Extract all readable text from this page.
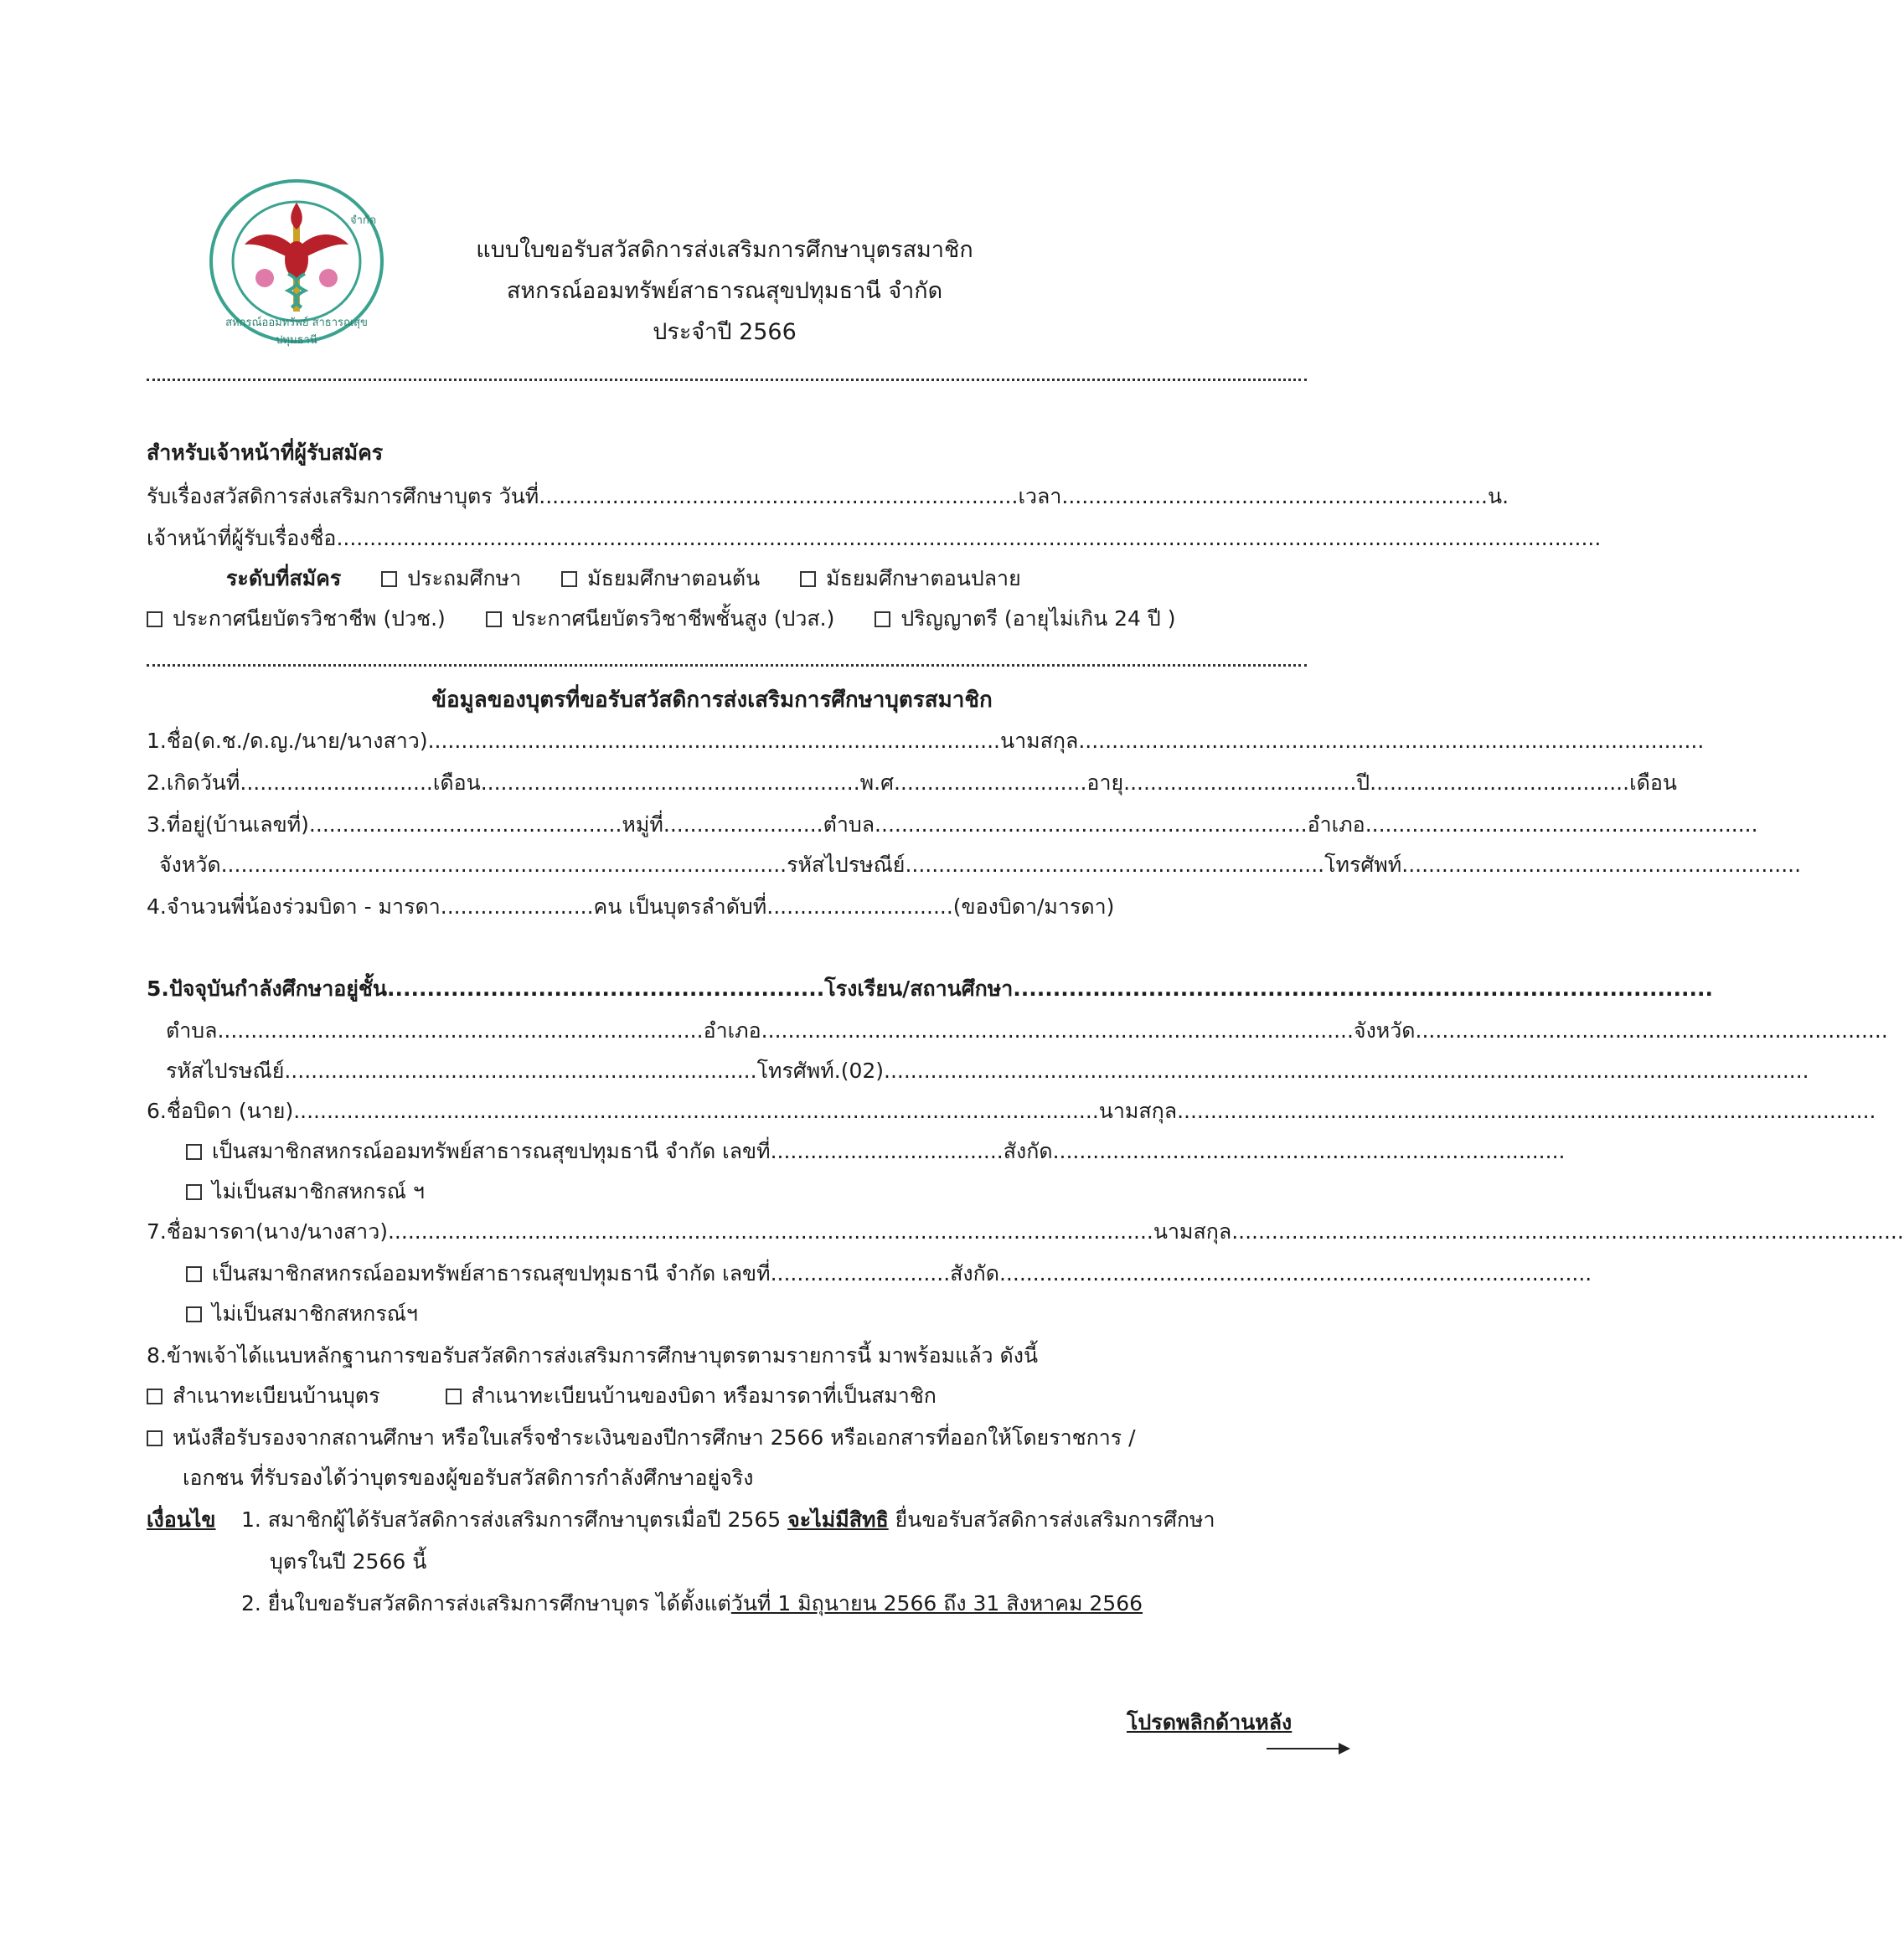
สหกรณ์ออมทรัพย์ สาธารณสุขปทุมธานี
จำกัด
แบบใบขอรับสวัสดิการส่งเสริมการศึกษาบุตรสมาชิก
สหกรณ์ออมทรัพย์สาธารณสุขปทุมธานี จำกัด
ประจำปี 2566
สำหรับเจ้าหน้าที่ผู้รับสมัคร
รับเรื่องสวัสดิการส่งเสริมการศึกษาบุตร วันที่........................................................................เวลา................................................................น.
เจ้าหน้าที่ผู้รับเรื่องชื่อ..............................................................................................................................................................................................
ระดับที่สมัคร	ประถมศึกษา	มัธยมศึกษาตอนต้น	มัธยมศึกษาตอนปลาย
ประกาศนียบัตรวิชาชีพ (ปวช.)	ประกาศนียบัตรวิชาชีพชั้นสูง (ปวส.)	ปริญญาตรี (อายุไม่เกิน 24 ปี )
ข้อมูลของบุตรที่ขอรับสวัสดิการส่งเสริมการศึกษาบุตรสมาชิก
1.ชื่อ(ด.ช./ด.ญ./นาย/นางสาว)......................................................................................นามสกุล..............................................................................................
2.เกิดวันที่.............................เดือน.........................................................พ.ศ.............................อายุ...................................ปี.......................................เดือน
3.ที่อยู่(บ้านเลขที่)...............................................หมู่ที่........................ตำบล.................................................................อำเภอ...........................................................
จังหวัด.....................................................................................รหัสไปรษณีย์...............................................................โทรศัพท์............................................................
4.จำนวนพี่น้องร่วมบิดา - มารดา.......................คน เป็นบุตรลำดับที่............................(ของบิดา/มารดา)
5.ปัจจุบันกำลังศึกษาอยู่ชั้น.......................................................โรงเรียน/สถานศึกษา........................................................................................
ตำบล.........................................................................อำเภอ.........................................................................................จังหวัด.......................................................................
รหัสไปรษณีย์.......................................................................โทรศัพท์.(02)...........................................................................................................................................
6.ชื่อบิดา (นาย).........................................................................................................................นามสกุล.........................................................................................................
เป็นสมาชิกสหกรณ์ออมทรัพย์สาธารณสุขปทุมธานี จำกัด เลขที่...................................สังกัด.............................................................................
ไม่เป็นสมาชิกสหกรณ์ ฯ
7.ชื่อมารดา(นาง/นางสาว)...................................................................................................................นามสกุล.....................................................................................................
เป็นสมาชิกสหกรณ์ออมทรัพย์สาธารณสุขปทุมธานี จำกัด เลขที่...........................สังกัด.........................................................................................
ไม่เป็นสมาชิกสหกรณ์ฯ
8.ข้าพเจ้าได้แนบหลักฐานการขอรับสวัสดิการส่งเสริมการศึกษาบุตรตามรายการนี้ มาพร้อมแล้ว ดังนี้
สำเนาทะเบียนบ้านบุตร	สำเนาทะเบียนบ้านของบิดา หรือมารดาที่เป็นสมาชิก
หนังสือรับรองจากสถานศึกษา หรือใบเสร็จชำระเงินของปีการศึกษา 2566 หรือเอกสารที่ออกให้โดยราชการ /
เอกชน ที่รับรองได้ว่าบุตรของผู้ขอรับสวัสดิการกำลังศึกษาอยู่จริง
เงื่อนไข 1. สมาชิกผู้ได้รับสวัสดิการส่งเสริมการศึกษาบุตรเมื่อปี 2565 จะไม่มีสิทธิ ยื่นขอรับสวัสดิการส่งเสริมการศึกษา
บุตรในปี 2566 นี้
2. ยื่นใบขอรับสวัสดิการส่งเสริมการศึกษาบุตร ได้ตั้งแต่วันที่ 1 มิถุนายน 2566 ถึง 31 สิงหาคม 2566
โปรดพลิกด้านหลัง
